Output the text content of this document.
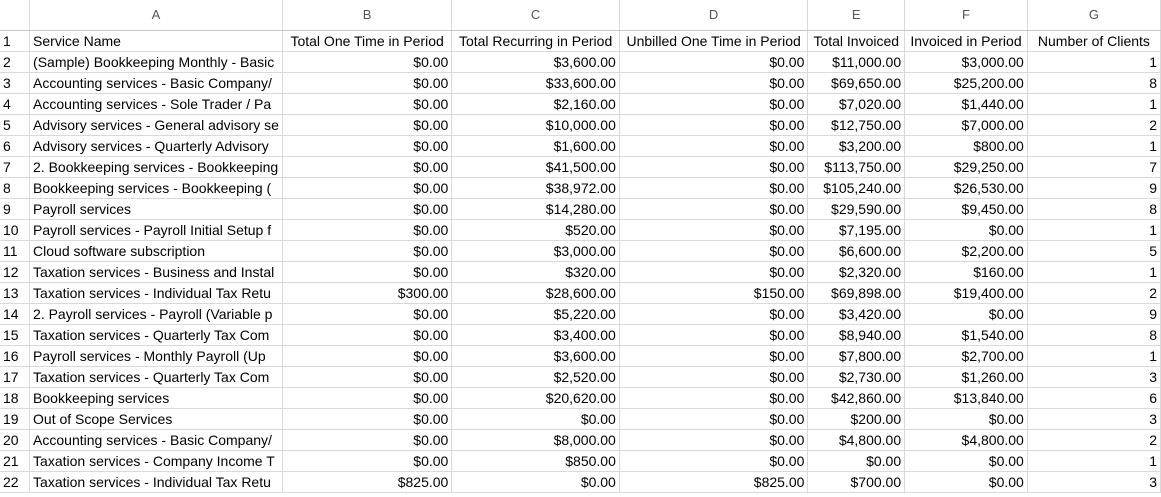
	A	B	C	D	E	F	G
1	Service Name	Total One Time in Period	Total Recurring in Period	Unbilled One Time in Period	Total Invoiced	Invoiced in Period	Number of Clients
2	(Sample) Bookkeeping Monthly - Basic	$0.00	$3,600.00	$0.00	$11,000.00	$3,000.00	1
3	Accounting services - Basic Company/	$0.00	$33,600.00	$0.00	$69,650.00	$25,200.00	8
4	Accounting services - Sole Trader / Pa	$0.00	$2,160.00	$0.00	$7,020.00	$1,440.00	1
5	Advisory services - General advisory se	$0.00	$10,000.00	$0.00	$12,750.00	$7,000.00	2
6	Advisory services - Quarterly Advisory	$0.00	$1,600.00	$0.00	$3,200.00	$800.00	1
7	2. Bookkeeping services - Bookkeeping	$0.00	$41,500.00	$0.00	$113,750.00	$29,250.00	7
8	Bookkeeping services - Bookkeeping (	$0.00	$38,972.00	$0.00	$105,240.00	$26,530.00	9
9	Payroll services	$0.00	$14,280.00	$0.00	$29,590.00	$9,450.00	8
10	Payroll services - Payroll Initial Setup f	$0.00	$520.00	$0.00	$7,195.00	$0.00	1
11	Cloud software subscription	$0.00	$3,000.00	$0.00	$6,600.00	$2,200.00	5
12	Taxation services - Business and Instal	$0.00	$320.00	$0.00	$2,320.00	$160.00	1
13	Taxation services - Individual Tax Retu	$300.00	$28,600.00	$150.00	$69,898.00	$19,400.00	2
14	2. Payroll services - Payroll (Variable p	$0.00	$5,220.00	$0.00	$3,420.00	$0.00	9
15	Taxation services - Quarterly Tax Com	$0.00	$3,400.00	$0.00	$8,940.00	$1,540.00	8
16	Payroll services - Monthly Payroll (Up	$0.00	$3,600.00	$0.00	$7,800.00	$2,700.00	1
17	Taxation services - Quarterly Tax Com	$0.00	$2,520.00	$0.00	$2,730.00	$1,260.00	3
18	Bookkeeping services	$0.00	$20,620.00	$0.00	$42,860.00	$13,840.00	6
19	Out of Scope Services	$0.00	$0.00	$0.00	$200.00	$0.00	3
20	Accounting services - Basic Company/	$0.00	$8,000.00	$0.00	$4,800.00	$4,800.00	2
21	Taxation services - Company Income T	$0.00	$850.00	$0.00	$0.00	$0.00	1
22	Taxation services - Individual Tax Retu	$825.00	$0.00	$825.00	$700.00	$0.00	3
